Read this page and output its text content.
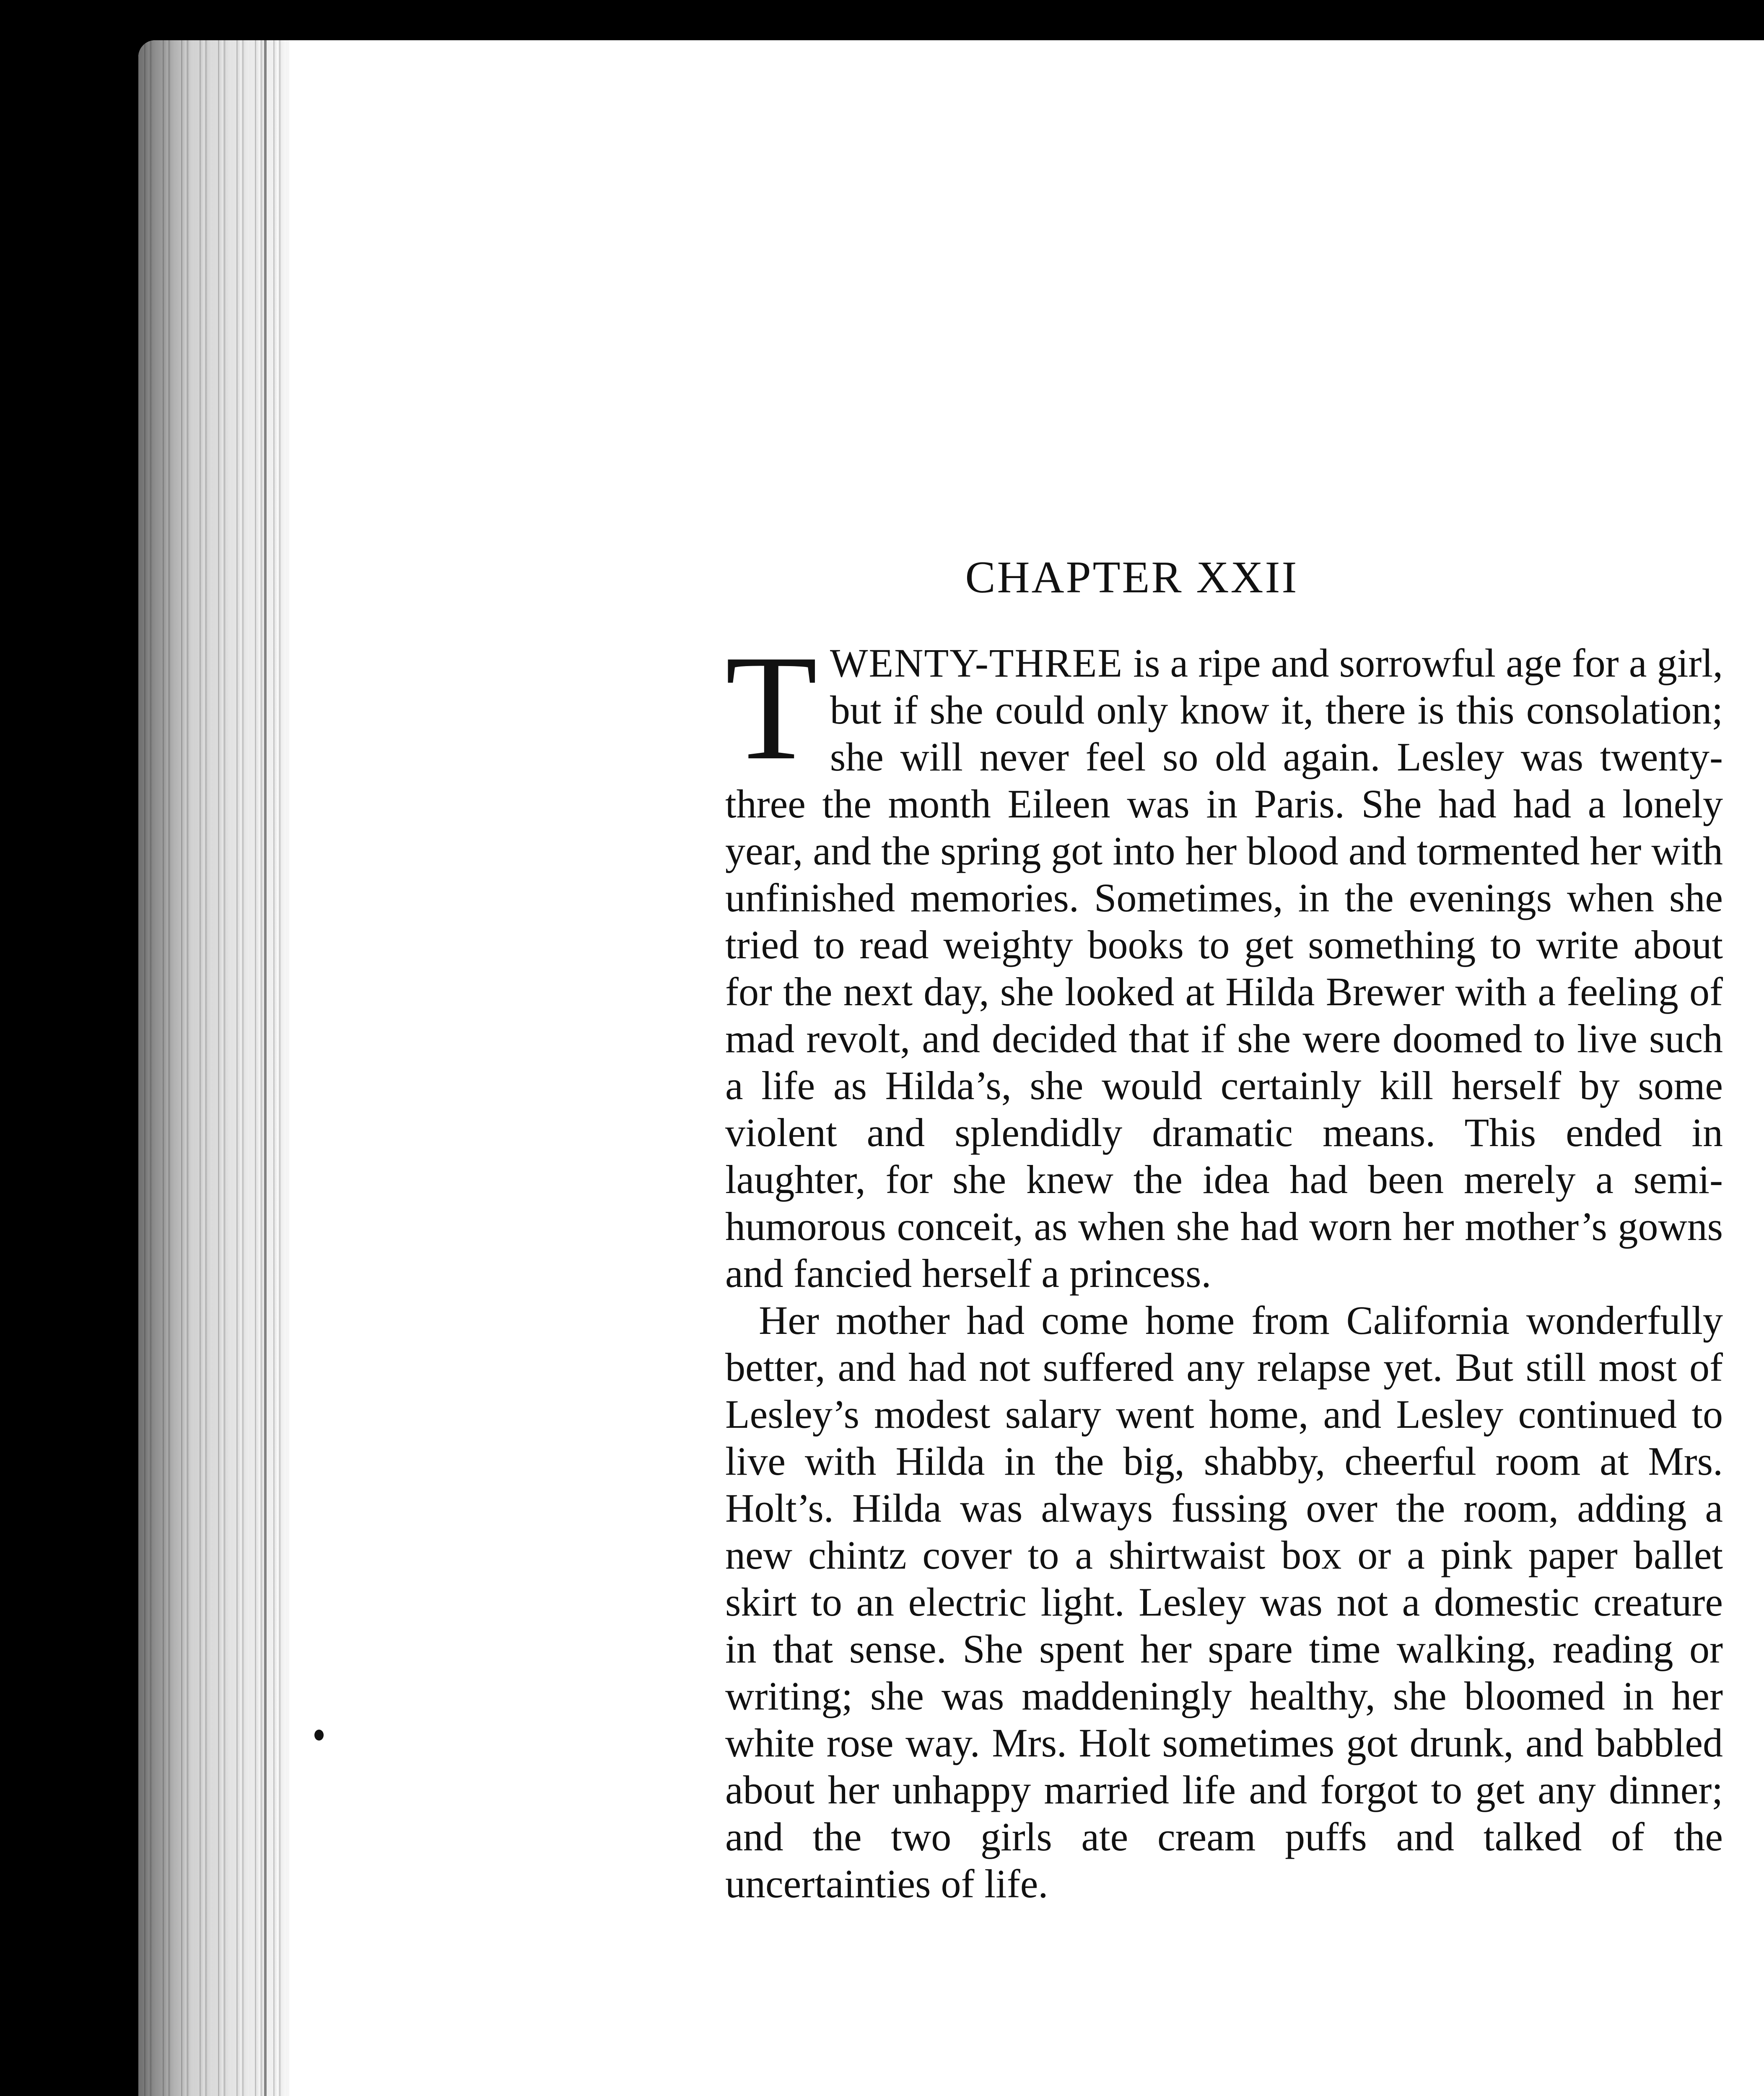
CHAPTER XXII

TWENTY-THREE is a ripe and sorrowful age for a girl, but if she could only know it, there is this consolation; she will never feel so old again. Lesley was twenty-three the month Eileen was in Paris. She had had a lonely year, and the spring got into her blood and tormented her with unfinished memories. Sometimes, in the evenings when she tried to read weighty books to get something to write about for the next day, she looked at Hilda Brewer with a feeling of mad revolt, and decided that if she were doomed to live such a life as Hilda’s, she would certainly kill herself by some violent and splendidly dramatic means. This ended in laughter, for she knew the idea had been merely a semi-humorous conceit, as when she had worn her mother’s gowns and fancied herself a princess.

Her mother had come home from California wonderfully better, and had not suffered any relapse yet. But still most of Lesley’s modest salary went home, and Lesley continued to live with Hilda in the big, shabby, cheerful room at Mrs. Holt’s. Hilda was always fussing over the room, adding a new chintz cover to a shirtwaist box or a pink paper ballet skirt to an electric light. Lesley was not a domestic creature in that sense. She spent her spare time walking, reading or writing; she was maddeningly healthy, she bloomed in her white rose way. Mrs. Holt sometimes got drunk, and babbled about her unhappy married life and forgot to get any dinner; and the two girls ate cream puffs and talked of the uncertainties of life.
